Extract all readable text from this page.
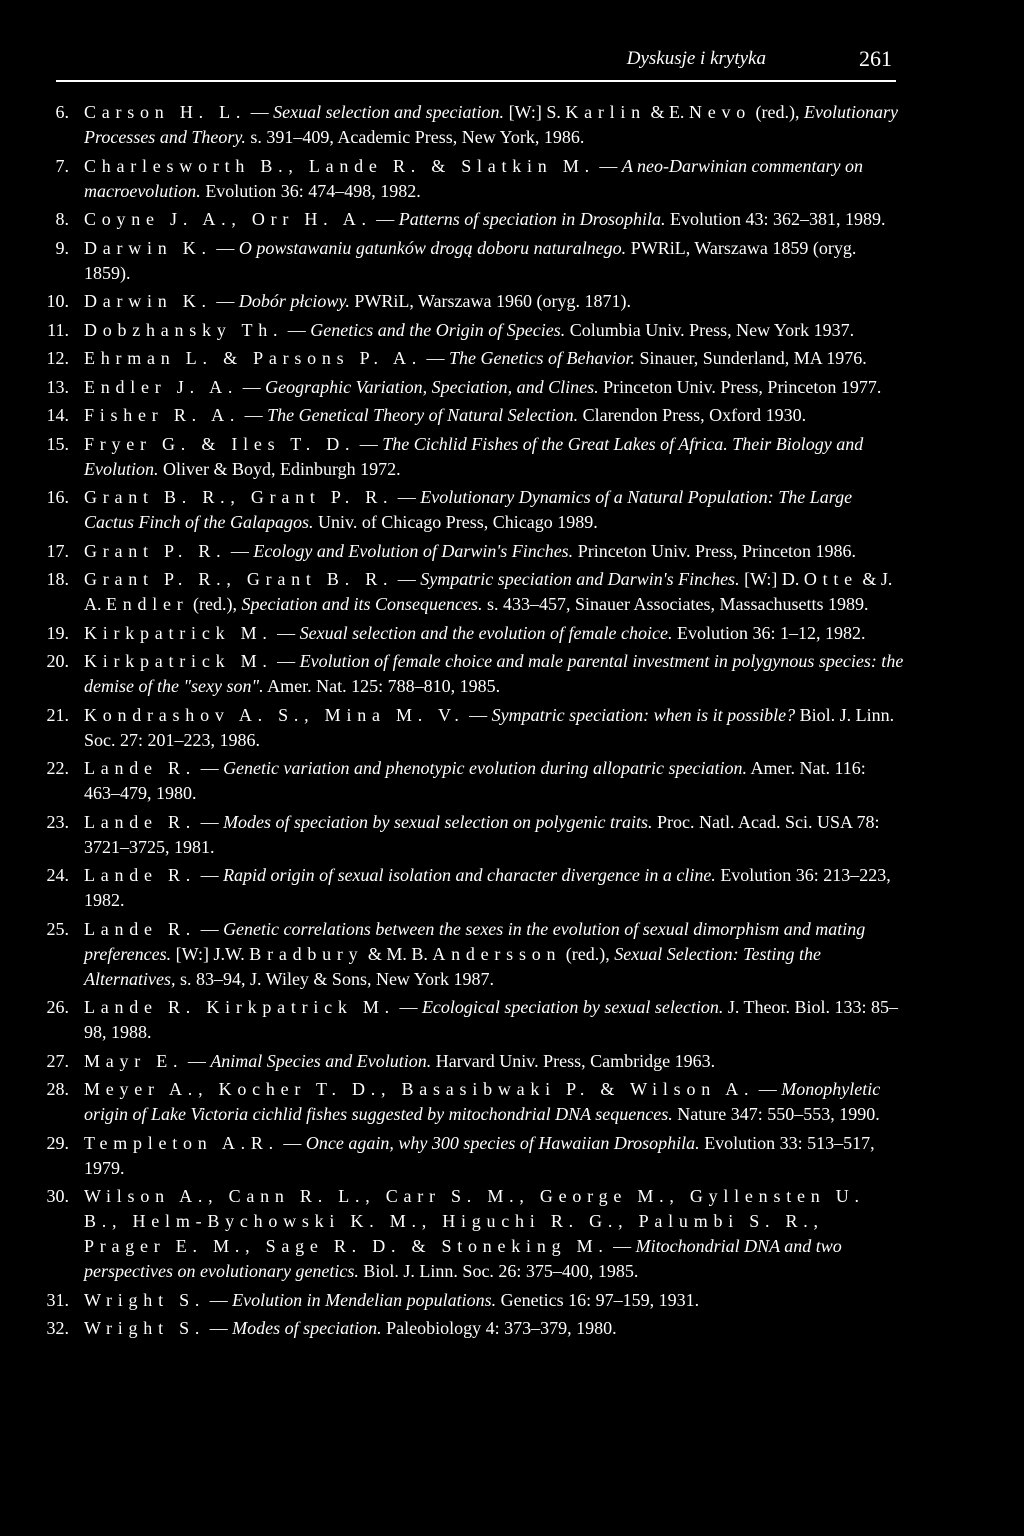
Dyskusje i krytyka	261
6. Carson H. L. — Sexual selection and speciation. [W:] S. Karlin & E. Nevo (red.), Evolutionary Processes and Theory. s. 391–409, Academic Press, New York, 1986.
7. Charlesworth B., Lande R. & Slatkin M. — A neo-Darwinian commentary on macroevolution. Evolution 36: 474–498, 1982.
8. Coyne J. A., Orr H. A. — Patterns of speciation in Drosophila. Evolution 43: 362–381, 1989.
9. Darwin K. — O powstawaniu gatunków drogą doboru naturalnego. PWRiL, Warszawa 1859 (oryg. 1859).
10. Darwin K. — Dobór płciowy. PWRiL, Warszawa 1960 (oryg. 1871).
11. Dobzhansky Th. — Genetics and the Origin of Species. Columbia Univ. Press, New York 1937.
12. Ehrman L. & Parsons P. A. — The Genetics of Behavior. Sinauer, Sunderland, MA 1976.
13. Endler J. A. — Geographic Variation, Speciation, and Clines. Princeton Univ. Press, Princeton 1977.
14. Fisher R. A. — The Genetical Theory of Natural Selection. Clarendon Press, Oxford 1930.
15. Fryer G. & Iles T. D. — The Cichlid Fishes of the Great Lakes of Africa. Their Biology and Evolution. Oliver & Boyd, Edinburgh 1972.
16. Grant B. R., Grant P. R. — Evolutionary Dynamics of a Natural Population: The Large Cactus Finch of the Galapagos. Univ. of Chicago Press, Chicago 1989.
17. Grant P. R. — Ecology and Evolution of Darwin's Finches. Princeton Univ. Press, Princeton 1986.
18. Grant P. R., Grant B. R. — Sympatric speciation and Darwin's Finches. [W:] D. Otte & J. A. Endler (red.), Speciation and its Consequences. s. 433–457, Sinauer Associates, Massachusetts 1989.
19. Kirkpatrick M. — Sexual selection and the evolution of female choice. Evolution 36: 1–12, 1982.
20. Kirkpatrick M. — Evolution of female choice and male parental investment in polygynous species: the demise of the "sexy son". Amer. Nat. 125: 788–810, 1985.
21. Kondrashov A. S., Mina M. V. — Sympatric speciation: when is it possible? Biol. J. Linn. Soc. 27: 201–223, 1986.
22. Lande R. — Genetic variation and phenotypic evolution during allopatric speciation. Amer. Nat. 116: 463–479, 1980.
23. Lande R. — Modes of speciation by sexual selection on polygenic traits. Proc. Natl. Acad. Sci. USA 78: 3721–3725, 1981.
24. Lande R. — Rapid origin of sexual isolation and character divergence in a cline. Evolution 36: 213–223, 1982.
25. Lande R. — Genetic correlations between the sexes in the evolution of sexual dimorphism and mating preferences. [W:] J.W. Bradbury & M. B. Andersson (red.), Sexual Selection: Testing the Alternatives, s. 83–94, J. Wiley & Sons, New York 1987.
26. Lande R. Kirkpatrick M. — Ecological speciation by sexual selection. J. Theor. Biol. 133: 85–98, 1988.
27. Mayr E. — Animal Species and Evolution. Harvard Univ. Press, Cambridge 1963.
28. Meyer A., Kocher T. D., Basasibwaki P. & Wilson A. — Monophyletic origin of Lake Victoria cichlid fishes suggested by mitochondrial DNA sequences. Nature 347: 550–553, 1990.
29. Templeton A.R. — Once again, why 300 species of Hawaiian Drosophila. Evolution 33: 513–517, 1979.
30. Wilson A., Cann R. L., Carr S. M., George M., Gyllensten U. B., Helm-Bychowski K. M., Higuchi R. G., Palumbi S. R., Prager E. M., Sage R. D. & Stoneking M. — Mitochondrial DNA and two perspectives on evolutionary genetics. Biol. J. Linn. Soc. 26: 375–400, 1985.
31. Wright S. — Evolution in Mendelian populations. Genetics 16: 97–159, 1931.
32. Wright S. — Modes of speciation. Paleobiology 4: 373–379, 1980.
